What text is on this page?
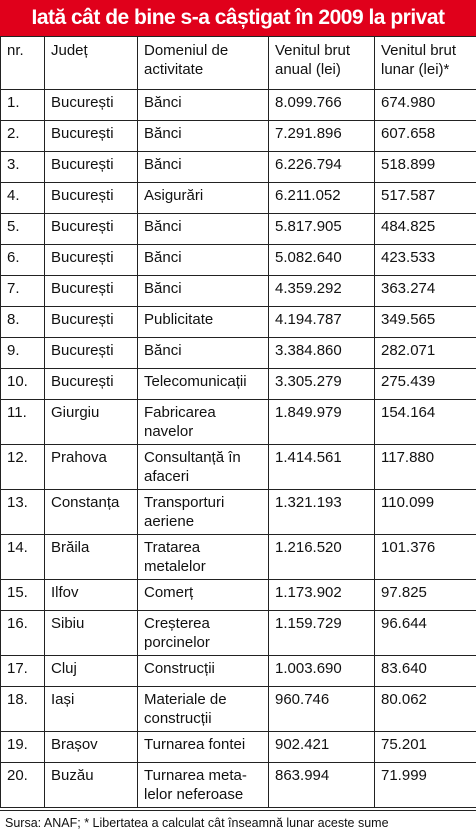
Iată cât de bine s-a câștigat în 2009 la privat
nr.	Județ	Domeniul de activitate	Venitul brut anual (lei)	Venitul brut lunar (lei)*
1.	București	Bănci	8.099.766	674.980
2.	București	Bănci	7.291.896	607.658
3.	București	Bănci	6.226.794	518.899
4.	București	Asigurări	6.211.052	517.587
5.	București	Bănci	5.817.905	484.825
6.	București	Bănci	5.082.640	423.533
7.	București	Bănci	4.359.292	363.274
8.	București	Publicitate	4.194.787	349.565
9.	București	Bănci	3.384.860	282.071
10.	București	Telecomunicații	3.305.279	275.439
11.	Giurgiu	Fabricarea navelor	1.849.979	154.164
12.	Prahova	Consultanță în afaceri	1.414.561	117.880
13.	Constanța	Transporturi aeriene	1.321.193	110.099
14.	Brăila	Tratarea metalelor	1.216.520	101.376
15.	Ilfov	Comerț	1.173.902	97.825
16.	Sibiu	Creșterea porcinelor	1.159.729	96.644
17.	Cluj	Construcții	1.003.690	83.640
18.	Iași	Materiale de construcții	960.746	80.062
19.	Brașov	Turnarea fontei	902.421	75.201
20.	Buzău	Turnarea meta-lelor neferoase	863.994	71.999
Sursa: ANAF; * Libertatea a calculat cât înseamnă lunar aceste sume
